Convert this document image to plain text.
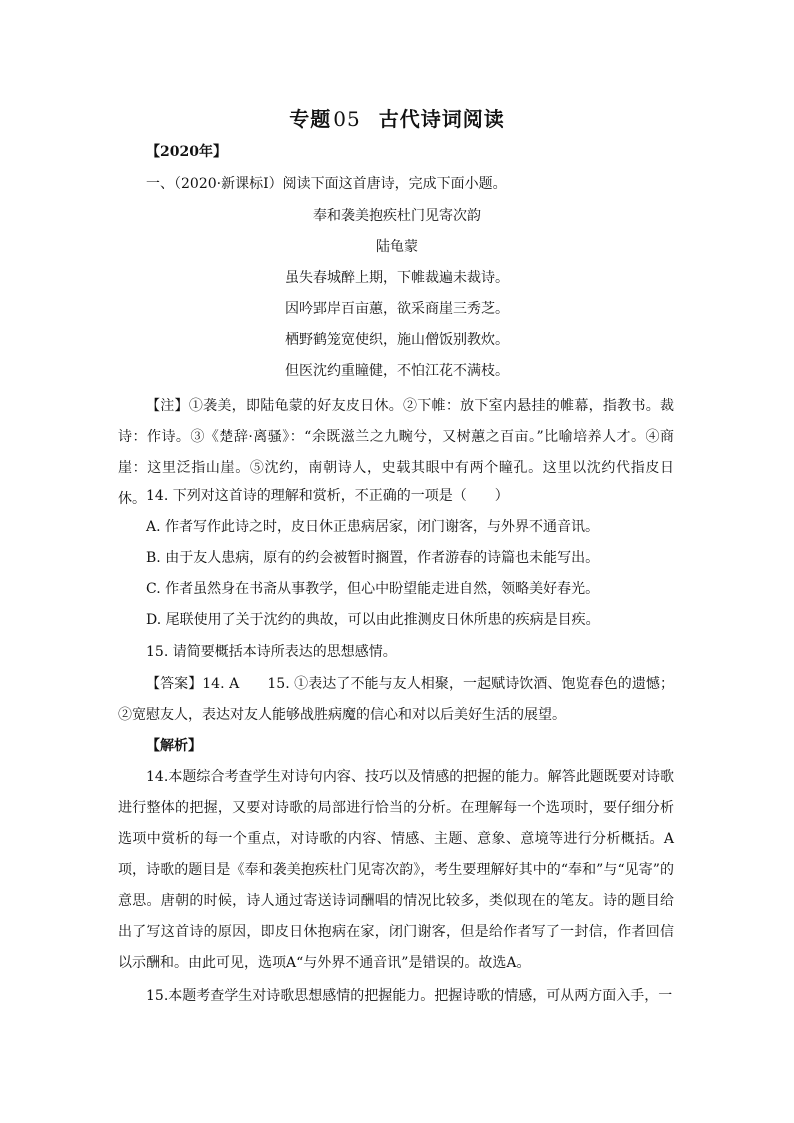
专题 05 古代诗词阅读
【2020年】
一、（2020·新课标Ⅰ）阅读下面这首唐诗，完成下面小题。
奉和袭美抱疾杜门见寄次韵
陆龟蒙
虽失春城醉上期，下帷裁遍未裁诗。
因吟郢岸百亩蕙，欲采商崖三秀芝。
栖野鹤笼宽使织，施山僧饭别教炊。
但医沈约重瞳健，不怕江花不满枝。
【注】①袭美，即陆龟蒙的好友皮日休。②下帷：放下室内悬挂的帷幕，指教书。裁诗：作诗。③《楚辞·离骚》：“余既滋兰之九畹兮，又树蕙之百亩。”比喻培养人才。④商崖：这里泛指山崖。⑤沈约，南朝诗人，史载其眼中有两个瞳孔。这里以沈约代指皮日休。 14. 下列对这首诗的理解和赏析，不正确的一项是（　　）
A. 作者写作此诗之时，皮日休正患病居家，闭门谢客，与外界不通音讯。
B. 由于友人患病，原有的约会被暂时搁置，作者游春的诗篇也未能写出。
C. 作者虽然身在书斋从事教学，但心中盼望能走进自然，领略美好春光。
D. 尾联使用了关于沈约的典故，可以由此推测皮日休所患的疾病是目疾。
15. 请简要概括本诗所表达的思想感情。
【答案】14. A　　15. ①表达了不能与友人相聚，一起赋诗饮酒、饱览春色的遗憾；②宽慰友人，表达对友人能够战胜病魔的信心和对以后美好生活的展望。
【解析】
14.本题综合考查学生对诗句内容、技巧以及情感的把握的能力。解答此题既要对诗歌进行整体的把握，又要对诗歌的局部进行恰当的分析。在理解每一个选项时，要仔细分析选项中赏析的每一个重点，对诗歌的内容、情感、主题、意象、意境等进行分析概括。A项，诗歌的题目是《奉和袭美抱疾杜门见寄次韵》，考生要理解好其中的“奉和”与“见寄”的意思。唐朝的时候，诗人通过寄送诗词酬唱的情况比较多，类似现在的笔友。诗的题目给出了写这首诗的原因，即皮日休抱病在家，闭门谢客，但是给作者写了一封信，作者回信以示酬和。由此可见，选项A“与外界不通音讯”是错误的。故选A。
15.本题考查学生对诗歌思想感情的把握能力。把握诗歌的情感，可从两方面入手，一
